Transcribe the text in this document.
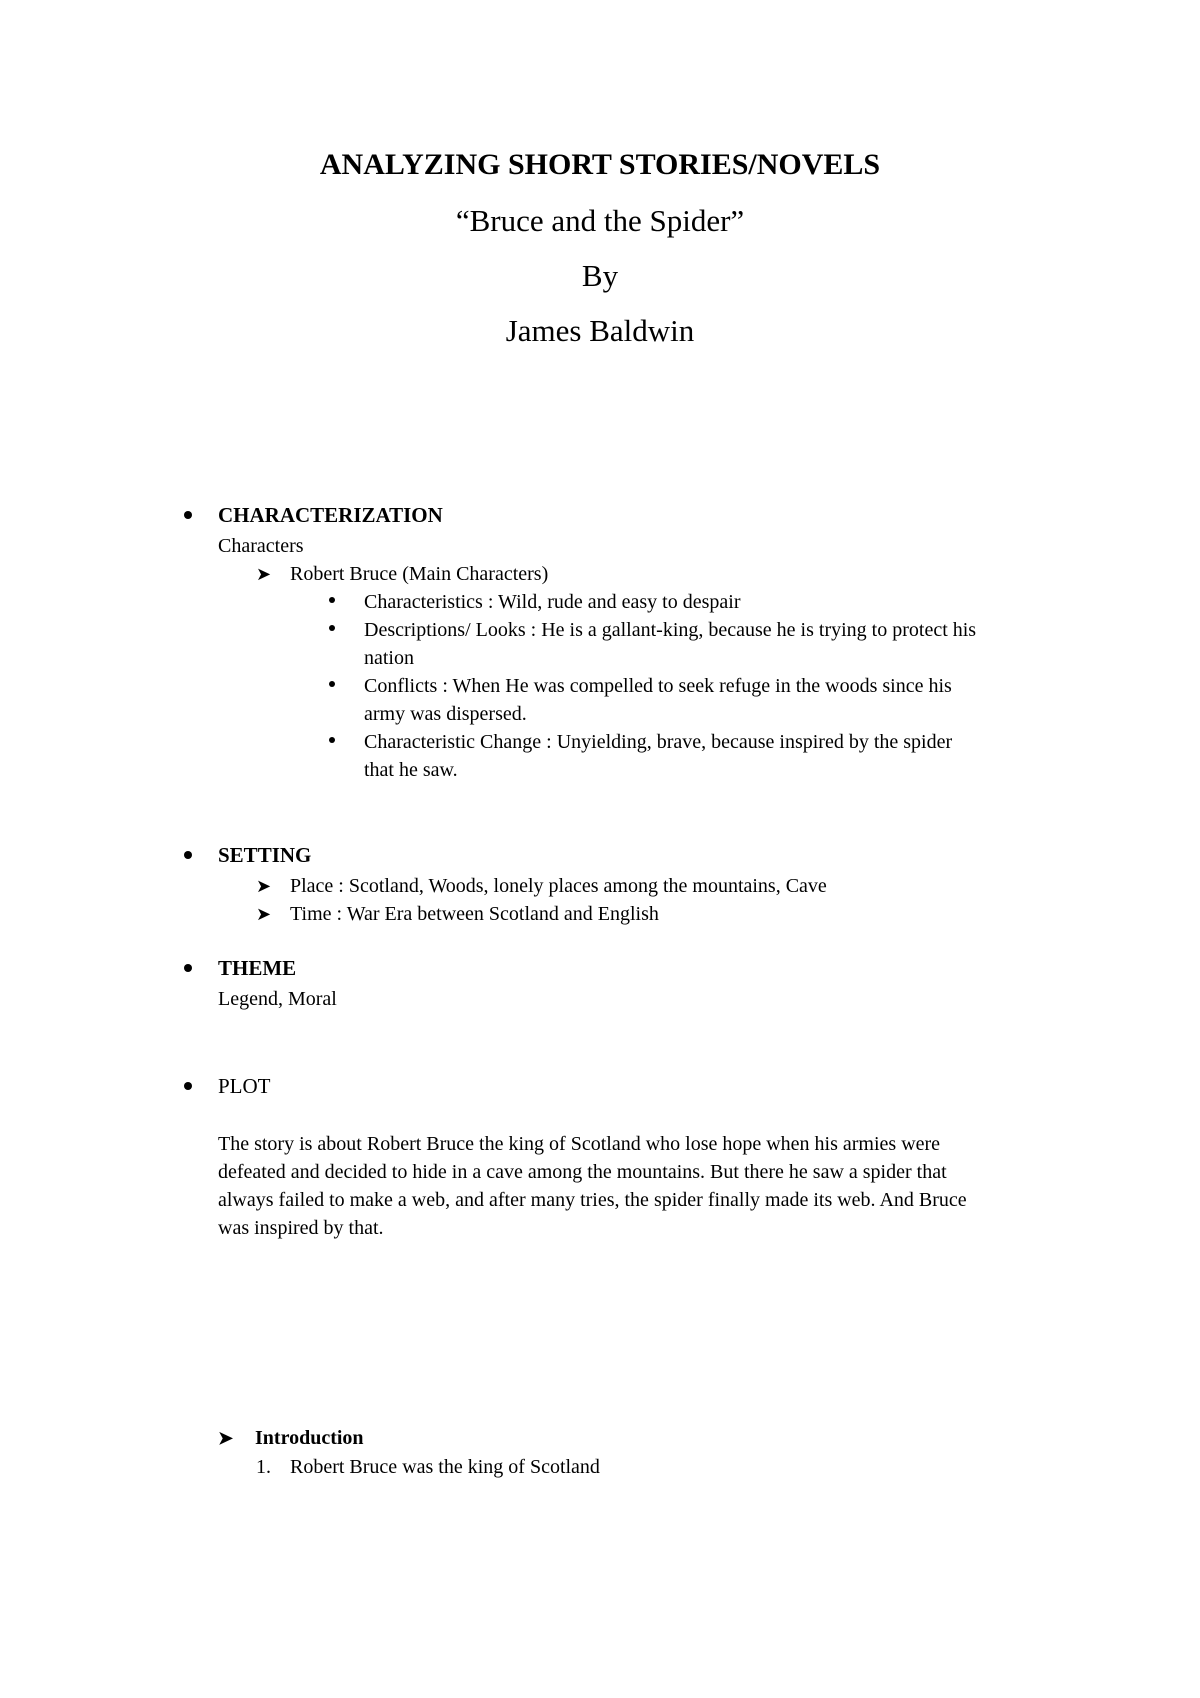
ANALYZING SHORT STORIES/NOVELS
“Bruce and the Spider”
By
James Baldwin
CHARACTERIZATION
Characters
➤ Robert Bruce (Main Characters)
Characteristics : Wild, rude and easy to despair
Descriptions/ Looks : He is a gallant-king, because he is trying to protect his
nation
Conflicts : When He was compelled to seek refuge in the woods since his
army was dispersed.
Characteristic Change : Unyielding, brave, because inspired by the spider
that he saw.
SETTING
➤ Place : Scotland, Woods, lonely places among the mountains, Cave
➤ Time : War Era between Scotland and English
THEME
Legend, Moral
PLOT
The story is about Robert Bruce the king of Scotland who lose hope when his armies were
defeated and decided to hide in a cave among the mountains. But there he saw a spider that
always failed to make a web, and after many tries, the spider finally made its web. And Bruce
was inspired by that.
➤ Introduction
1. Robert Bruce was the king of Scotland
